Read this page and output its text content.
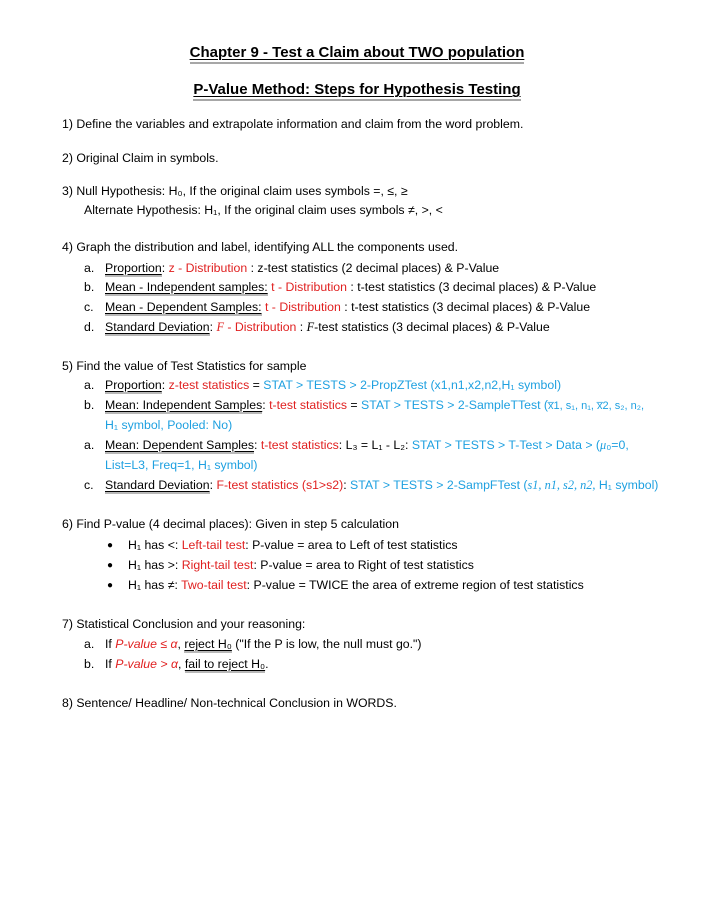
Chapter 9 - Test a Claim about TWO population
P-Value Method: Steps for Hypothesis Testing
1) Define the variables and extrapolate information and claim from the word problem.
2) Original Claim in symbols.
3) Null Hypothesis: H₀, If the original claim uses symbols =, ≤, ≥
Alternate Hypothesis: H₁, If the original claim uses symbols ≠, >, <
4) Graph the distribution and label, identifying ALL the components used.
a. Proportion: z - Distribution : z-test statistics (2 decimal places) & P-Value
b. Mean - Independent samples: t - Distribution : t-test statistics (3 decimal places) & P-Value
c. Mean - Dependent Samples: t - Distribution : t-test statistics (3 decimal places) & P-Value
d. Standard Deviation: F - Distribution : F-test statistics (3 decimal places) & P-Value
5) Find the value of Test Statistics for sample
a. Proportion: z-test statistics = STAT > TESTS > 2-PropZTest (x1,n1,x2,n2,H₁ symbol)
b. Mean: Independent Samples: t-test statistics = STAT > TESTS > 2-SampleTTest (x̅1, s₁, n₁, x̅2, s₂, n₂,
H₁ symbol, Pooled: No)
a. Mean: Dependent Samples: t-test statistics: L₃ = L₁ - L₂: STAT > TESTS > T-Test > Data > (μ₀=0,
List=L3, Freq=1, H₁ symbol)
c. Standard Deviation: F-test statistics (s1>s2): STAT > TESTS > 2-SampFTest (s1, n1, s2, n2, H₁ symbol)
6) Find P-value (4 decimal places): Given in step 5 calculation
● H₁ has <: Left-tail test: P-value = area to Left of test statistics
● H₁ has >: Right-tail test: P-value = area to Right of test statistics
● H₁ has ≠: Two-tail test: P-value = TWICE the area of extreme region of test statistics
7) Statistical Conclusion and your reasoning:
a. If P-value ≤ α, reject H₀ ("If the P is low, the null must go.")
b. If P-value > α, fail to reject H₀.
8) Sentence/ Headline/ Non-technical Conclusion in WORDS.
